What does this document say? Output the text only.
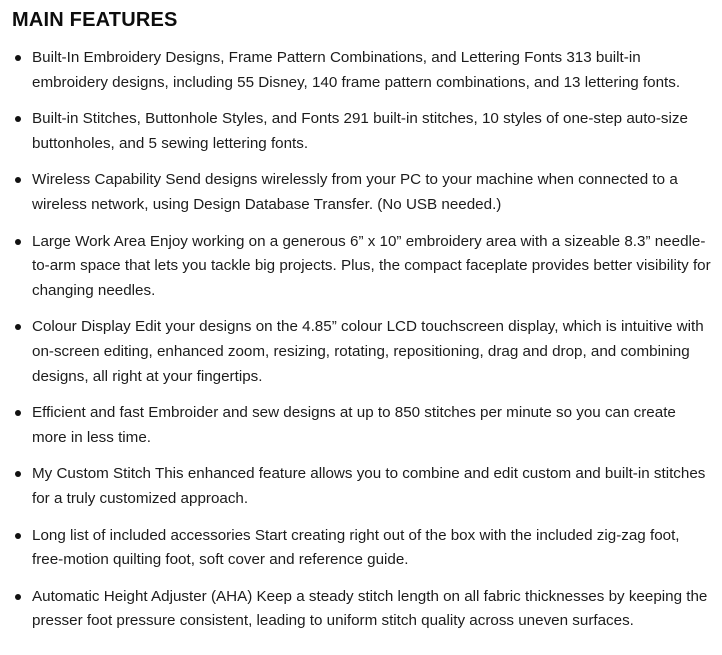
MAIN FEATURES
Built-In Embroidery Designs, Frame Pattern Combinations, and Lettering Fonts 313 built-in embroidery designs, including 55 Disney, 140 frame pattern combinations, and 13 lettering fonts.
Built-in Stitches, Buttonhole Styles, and Fonts 291 built-in stitches, 10 styles of one-step auto-size buttonholes, and 5 sewing lettering fonts.
Wireless Capability Send designs wirelessly from your PC to your machine when connected to a wireless network, using Design Database Transfer. (No USB needed.)
Large Work Area Enjoy working on a generous 6” x 10” embroidery area with a sizeable 8.3” needle-to-arm space that lets you tackle big projects. Plus, the compact faceplate provides better visibility for changing needles.
Colour Display Edit your designs on the 4.85” colour LCD touchscreen display, which is intuitive with on-screen editing, enhanced zoom, resizing, rotating, repositioning, drag and drop, and combining designs, all right at your fingertips.
Efficient and fast Embroider and sew designs at up to 850 stitches per minute so you can create more in less time.
My Custom Stitch This enhanced feature allows you to combine and edit custom and built-in stitches for a truly customized approach.
Long list of included accessories Start creating right out of the box with the included zig-zag foot, free-motion quilting foot, soft cover and reference guide.
Automatic Height Adjuster (AHA) Keep a steady stitch length on all fabric thicknesses by keeping the presser foot pressure consistent, leading to uniform stitch quality across uneven surfaces.
